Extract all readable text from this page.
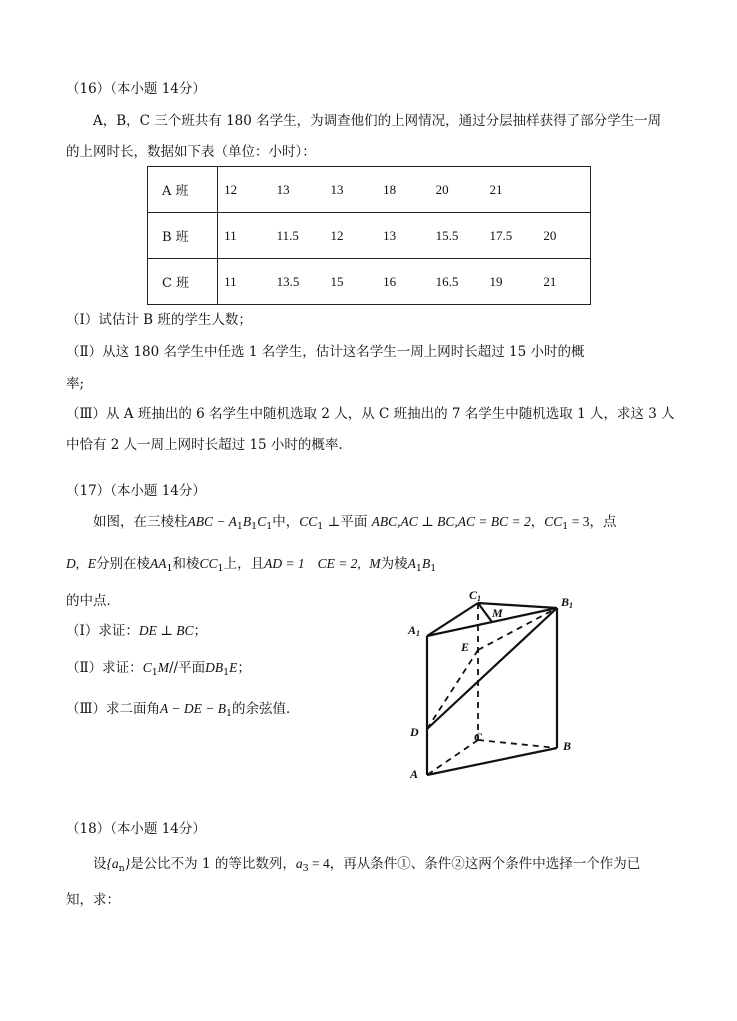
（16）（本小题 14分）
A，B，C 三个班共有 180 名学生，为调查他们的上网情况，通过分层抽样获得了部分学生一周
的上网时长，数据如下表（单位：小时）：
A 班	12	13	13	18	20	21	
B 班	11	11.5	12	13	15.5	17.5	20
C 班	11	13.5	15	16	16.5	19	21
（Ⅰ）试估计 B 班的学生人数；
（Ⅱ）从这 180 名学生中任选 1 名学生，估计这名学生一周上网时长超过 15 小时的概
率;
（Ⅲ）从 A 班抽出的 6 名学生中随机选取 2 人，从 C 班抽出的 7 名学生中随机选取 1 人，求这 3 人
中恰有 2 人一周上网时长超过 15 小时的概率.
（17）（本小题 14分）
如图，在三棱柱ABC − $A_1B_1C_1$中，$CC_1$ ⊥平面 ABC,AC ⊥ BC,AC = BC = 2，$CC_1 = 3$，点
D, E分别在棱$AA_1$和棱$CC_1$上，且AD = 1 CE = 2, M为棱$A_1B_1$
的中点．
（Ⅰ）求证：DE ⊥ BC；
（Ⅱ）求证：$C_1M//$平面$DB_1E$；
（Ⅲ）求二面角A − DE − $B_1$的余弦值．
C1	B1
A1
M
E
D	C
B
A
（18）（本小题 14分）
设$\{a_n\}$是公比不为 1 的等比数列，$a_3 = 4$，再从条件①、条件②这两个条件中选择一个作为已
知，求：
